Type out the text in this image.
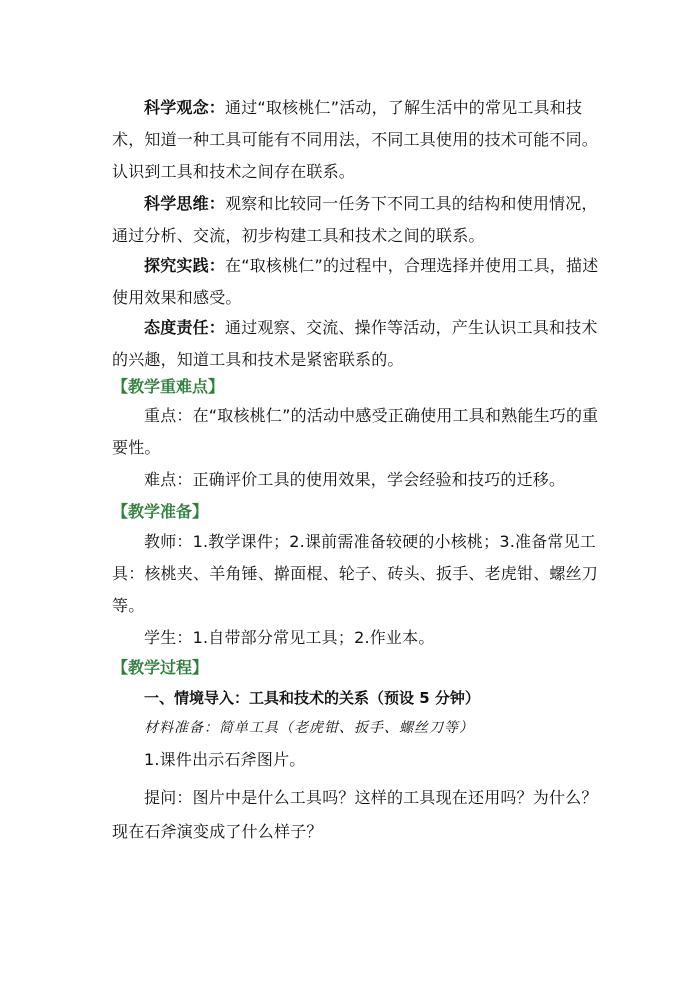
科学观念：通过“取核桃仁”活动，了解生活中的常见工具和技术，知道一种工具可能有不同用法，不同工具使用的技术可能不同。认识到工具和技术之间存在联系。

科学思维：观察和比较同一任务下不同工具的结构和使用情况，通过分析、交流，初步构建工具和技术之间的联系。

探究实践：在“取核桃仁”的过程中，合理选择并使用工具，描述使用效果和感受。

态度责任：通过观察、交流、操作等活动，产生认识工具和技术的兴趣，知道工具和技术是紧密联系的。

【教学重难点】

重点：在“取核桃仁”的活动中感受正确使用工具和熟能生巧的重要性。

难点：正确评价工具的使用效果，学会经验和技巧的迁移。

【教学准备】

教师：1.教学课件；2.课前需准备较硬的小核桃；3.准备常见工具：核桃夹、羊角锤、擀面棍、轮子、砖头、扳手、老虎钳、螺丝刀等。

学生：1.自带部分常见工具；2.作业本。

【教学过程】

一、情境导入：工具和技术的关系（预设 5 分钟）

材料准备：简单工具（老虎钳、扳手、螺丝刀等）

1.课件出示石斧图片。

提问：图片中是什么工具吗？这样的工具现在还用吗？为什么？

现在石斧演变成了什么样子？
